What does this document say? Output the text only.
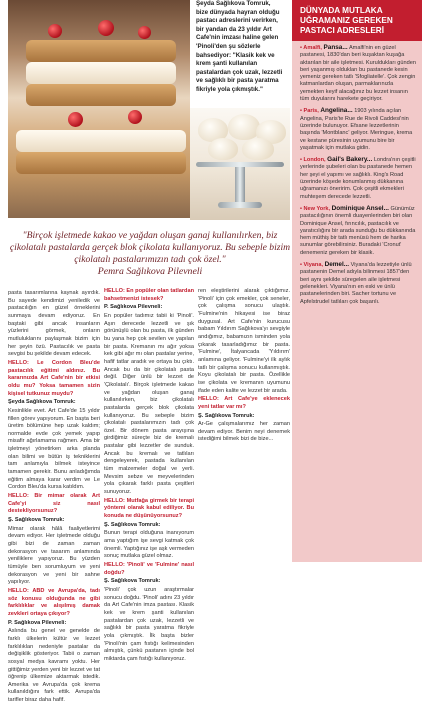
Şeyda Sağlıkova Tomruk, bize dünyada hayran olduğu pastacı adreslerini verirken, bir yandan da 23 yıldır Art Cafe'nin imzası haline gelen 'Pinoli'den şu sözlerle bahsediyor: "Klasik kek ve krem şanti kullanılan pastalardan çok uzak, lezzetli ve sağlıklı bir pasta yaratma fikriyle yola çıkmıştık."
DÜNYADA MUTLAKA UĞRAMANIZ GEREKEN PASTACI ADRESLERİ
• Amalfi, Pansa... Amalfi'nin en güzel pastanesi, 1830'dan beri kuşaktan kuşağa aktarılan bir aile işletmesi. Kuruldukları günden beri yaşanmış oldukları bu pastanede kesin yemeniz gereken tatlı 'Sfogliatelle'. Çok zengin katmanlardan oluşan, parmaklarınızla yemekten keyif alacağınız bu lezzet insanın tüm duyularını harekete geçiriyor.
• Paris, Angelina... 1903 yılında açılan Angelina, Paris'te Rue de Rivoli Caddesi'nin üzerinde bulunuyor. Efsane lezzetlerinin başında 'Montblanc' geliyor. Meringue, krema ve kestane püresinin uyumunu bire bir yaşatmak için mutlaka gidin.
• London, Gail's Bakery... Londra'nın çeşitli yerlerinde şubeleri olan bu pastanede hemen her şeyi el yapımı ve sağlıklı. King's Road üzerinde köşede konumlanmış dükkanına uğramanızı öneririm. Çok çeşitli ekmekleri muhteşem derecede lezzetli.
• New York, Dominique Ansel... Günümüz pastacılığının önemli duayenlerinden biri olan Dominique Ansel, fırıncılık, pastacılık ve yaratıcılığını bir arada sunduğu bu dükkanında hem müthiş bir tatlı menüsü hem de harika sunumlar görebilirsiniz. Buradaki 'Cronut' denemeniz gereken bir klasik.
• Viyana, Demel... Viyana'da lezzetiyle ünlü pastanenin Demel adıyla bilinmesi 1857'den beri aynı şekilde süregelen aile işletmesi gelenekleri. Viyana'nın en eski ve ünlü pastanelerinden biri. Sacher tortunu ve Apfelstrudel tatlıları çok başarılı.
"Birçok işletmede kakao ve yağdan oluşan ganaj kullanılırken, biz çikolatalı pastalarda gerçek blok çikolata kullanıyoruz. Bu sebeple bizim çikolatalı pastalarımızın tadı çok özel."
Pemra Sağlıkova Pilevneli

pasta tasarımlarına kaynak ayırdık. Bu sayede kendimizi yeniledik ve pastacılığın en güzel örneklerini sunmaya devam ediyoruz. En baştaki gibi ancak insanların yüzlerini görmek, onların mutluluklarını paylaşmak bizim için her şeyin özü. Pastacılık ve pasta sevgisi bu şekilde devam edecek.

HELLO: Le Cordon Bleu'de pastacılık eğitimi aldınız. Bu kararınızda Art Cafe'nin bir etkisi oldu mu? Yoksa tamamen sizin kişisel tutkunuz muydu?

Şeyda Sağlıkova Tomruk:

Kesinlikle evet. Art Cafe'de 15 yıldır fillen görev yapıyorum. En başta beri üretim bölümüne hep uzak kaldım; normalde evde çok yemek yapıp misafir ağırlamama rağmen. Ama bir işletmeyi yönetirken arka planda olan bilimi ve bütün iş tekniklerini tam anlamıyla bilmek isteyince tamamen gerekir. Bunu anladığımda eğitim almaya karar verdim ve Le Cordon Bleu'da kursa katıldım.

HELLO: Bir mimar olarak Art Cafe'yi siz nasıl destekliyorsunuz?

Ş. Sağlıkova Tomruk:

Mimar olarak hâlâ faaliyetlerimi devam ediyor. Her işletmede olduğu gibi bizi de zaman zaman dekorasyon ve tasarım anlamında yeniliklere yapıyoruz. Bu yüzden tümüyle ben sorumluyum ve yeni dekorasyon ve yeni bir sahne yapılıyor.

HELLO: ABD ve Avrupa'da, tadı söz konusu olduğunda ne gibi farklılıklar ve alışılmış damak zevkleri ortaya çıkıyor?

P. Sağlıkova Pilevneli:

Aslında bu genel ve genelde de farklı ülkelerin kültür ve lezzet farklılıkları nedeniyle pastalar da değişiklik gösteriyor. Tabii o zaman sosyal medya kavramı yoktu. Her gittiğimiz yerden yeni bir lezzet ve tat öğrenip ülkemize aktarmak istedik. Amerika ve Avrupa'da çok krema kullanıldığını fark ettik. Avrupa'da tarifler biraz daha hafif.

HELLO: En popüler olan tatlardan bahsetmenizi istesek?

P. Sağlıkova Pilevneli:

En popüler tadımız tabii ki 'Pinoli'. Aşırı derecede lezzetli ve şık görünüşlü olan bu pasta, ilk günden bu yana hep çok sevilen ve yapılan bir pasta. Kremanın mı ağır yoksa kek gibi ağır mı olan pastalar yerine, hafif tatlar aradık ve ortaya bu çıktı. Ancak bu da bir çikolatalı pasta değil. Diğer ünlü bir lezzet de 'Çikolatalı'. Birçok işletmede kakao ve yağdan oluşan ganaj kullanılırken, biz çikolatalı pastalarda gerçek blok çikolata kullanıyoruz. Bu sebeple bizim çikolatalı pastalarımızın tadı çok özel. Bir dönem pasta arayışına girdiğimiz süreçte biz de kremalı pastalar gibi lezzetler de sunduk. Ancak bu kremalı ve tatlıları dengeleyerek, pastada kullanılan tüm malzemeler doğal ve yerli. Mevsim sebze ve meyvelerinden yola çıkarak farklı pasta çeşitleri sunuyoruz.

HELLO: Mutfağa girmek bir terapi yöntemi olarak kabul ediliyor. Bu konuda ne düşünüyorsunuz?

Ş. Sağlıkova Tomruk:

Bunun terapi olduğuna inanıyorum ama yaptığım işe sevgi katmak çok önemli. Yaptığınız işe aşk vermeden sonuç mutlaka güzel olmaz.

HELLO: 'Pinoli' ve 'Fulmine' nasıl doğdu?

Ş. Sağlıkova Tomruk:

'Pinoli' çok uzun araştırmalar sonucu doğdu. 'Pinoli' adını 23 yıldır da Art Cafe'nin imza pastası. Klasik kek ve krem şanti kullanılan pastalardan çok uzak, lezzetli ve sağlıklı bir pasta yaratma fikriyle yola çıkmıştık. İlk başta bizler 'Pinoli'nin çam fıstığı kelimesinden almıştık, çünkü pastanın içinde bol miktarda çam fıstığı kullanıyoruz.

ren eleştirilerini alarak çıktığımız. 'Pinoli' için çok emekler, çok seneler, çok çalışma sonucu ulaştık. 'Fulmine'nin hikayesi ise biraz duygusal. Art Cafe'nin kurucusu babam Yıldırım Sağlıkova'yı sevgiyle andığımız, babamızın isminden yola çıkarak tasarladığımız bir pasta. 'Fulmine', İtalyancada 'Yıldırım' anlamına geliyor. 'Fulmine'yi ilk aylık tatlı bir çalışma sonucu kullanmıştık. Koyu çikolatalı bir pasta. Özellikle ise çikolata ve kremanın uyumunu ifade eden kalite ve lezzet bir arada.

HELLO: Art Cafe'ye eklenecek yeni tatlar var mı?

Ş. Sağlıkova Tomruk:

Ar-Ge çalışmalarımız her zaman devam ediyor. Benim neyi denemek istediğimi bilmek bizi de bize...
